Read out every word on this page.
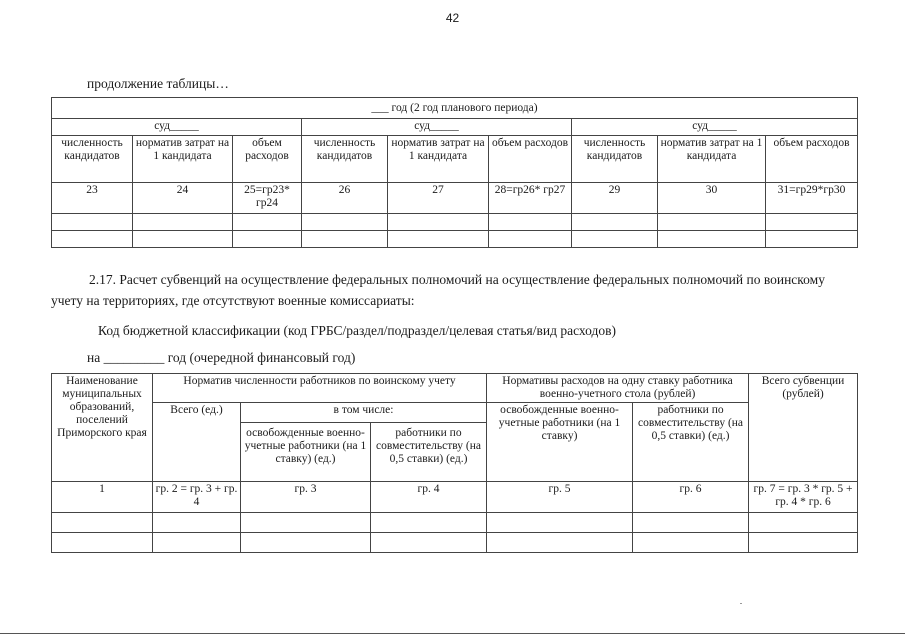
42
продолжение таблицы…
___ год (2 год планового периода)								
суд_____			суд_____			суд_____		
численность кандидатов	норматив затрат на 1 кандидата	объем расходов	численность кандидатов	норматив затрат на 1 кандидата	объем расходов	численность кандидатов	норматив затрат на 1 кандидата	объем расходов
23	24	25=гр23* гр24	26	27	28=гр26* гр27	29	30	31=гр29*гр30

2.17. Расчет субвенций на осуществление федеральных полномочий на осуществление федеральных полномочий по воинскому учету на территориях, где отсутствуют военные комиссариаты:
Код бюджетной классификации (код ГРБС/раздел/подраздел/целевая статья/вид расходов)
на _________ год (очередной финансовый год)
Наименование муниципальных образований, поселений Приморского края	Норматив численности работников по воинскому учету			Нормативы расходов на одну ставку работника военно-учетного стола (рублей)		Всего субвенции (рублей)
	Всего (ед.)	в том числе:		освобожденные военно-учетные работники (на 1 ставку)	работники по совместительству (на 0,5 ставки) (ед.)	
		освобожденные военно-учетные работники (на 1 ставку) (ед.)	работники по совместительству (на 0,5 ставки) (ед.)			
1	гр. 2 = гр. 3 + гр. 4	гр. 3	гр. 4	гр. 5	гр. 6	гр. 7 = гр. 3 * гр. 5 + гр. 4 * гр. 6
